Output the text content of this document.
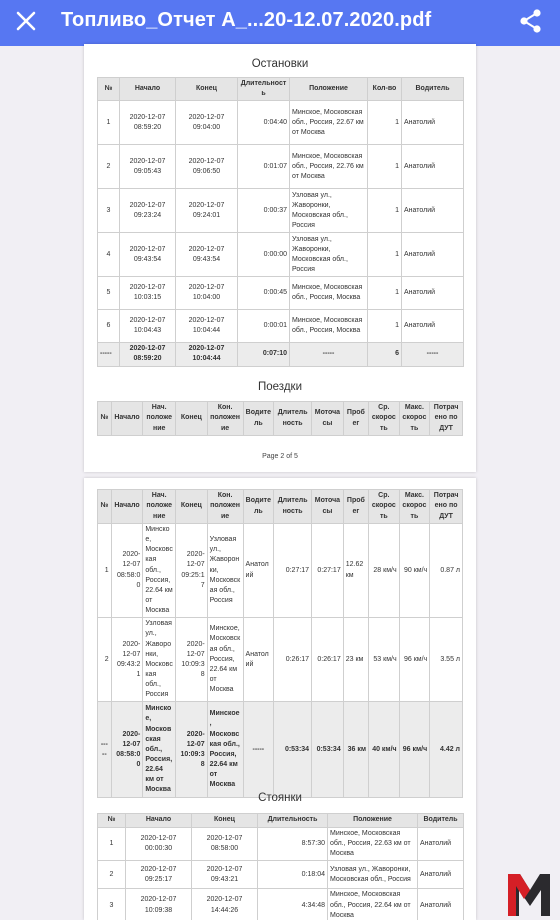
Топливо_Отчет А_...20-12.07.2020.pdf
Остановки
№	Начало	Конец	Длительность	Положение	Кол-во	Водитель
1	2020-12-07 08:59:20	2020-12-07 09:04:00	0:04:40	Минское, Московская обл., Россия, 22.67 км от Москва	1	Анатолий
2	2020-12-07 09:05:43	2020-12-07 09:06:50	0:01:07	Минское, Московская обл., Россия, 22.76 км от Москва	1	Анатолий
3	2020-12-07 09:23:24	2020-12-07 09:24:01	0:00:37	Узловая ул., Жаворонки, Московская обл., Россия	1	Анатолий
4	2020-12-07 09:43:54	2020-12-07 09:43:54	0:00:00	Узловая ул., Жаворонки, Московская обл., Россия	1	Анатолий
5	2020-12-07 10:03:15	2020-12-07 10:04:00	0:00:45	Минское, Московская обл., Россия, Москва	1	Анатолий
6	2020-12-07 10:04:43	2020-12-07 10:04:44	0:00:01	Минское, Московская обл., Россия, Москва	1	Анатолий
-----	2020-12-07 08:59:20	2020-12-07 10:04:44	0:07:10	-----	6	-----
Поездки
№	Начало	Нач. положение	Конец	Кон. положение	Водитель	Длительность	Моточасы	Пробег	Ср. скорость	Макс. скорость	Потрачено по ДУТ
Page 2 of 5
№	Начало	Нач. положение	Конец	Кон. положение	Водитель	Длительность	Моточасы	Пробег	Ср. скорость	Макс. скорость	Потрачено по ДУТ
1	2020-12-07 08:58:00	Минское, Московская обл., Россия, 22.64 км от Москва	2020-12-07 09:25:17	Узловая ул., Жаворонки, Московская обл., Россия	Анатолий	0:27:17	0:27:17	12.62 км	28 км/ч	90 км/ч	0.87 л
2	2020-12-07 09:43:21	Узловая ул., Жаворонки, Московская обл., Россия	2020-12-07 10:09:38	Минское, Московская обл., Россия, 22.64 км от Москва	Анатолий	0:26:17	0:26:17	23 км	53 км/ч	96 км/ч	3.55 л
-----	2020-12-07 08:58:00	Минское, Московская обл., Россия, 22.64 км от Москва	2020-12-07 10:09:38	Минское, Московская обл., Россия, 22.64 км от Москва	-----	0:53:34	0:53:34	36 км	40 км/ч	96 км/ч	4.42 л
Стоянки
№	Начало	Конец	Длительность	Положение	Водитель
1	2020-12-07 00:00:30	2020-12-07 08:58:00	8:57:30	Минское, Московская обл., Россия, 22.63 км от Москва	Анатолий
2	2020-12-07 09:25:17	2020-12-07 09:43:21	0:18:04	Узловая ул., Жаворонки, Московская обл., Россия	Анатолий
3	2020-12-07 10:09:38	2020-12-07 14:44:26	4:34:48	Минское, Московская обл., Россия, 22.64 км от Москва	Анатолий
